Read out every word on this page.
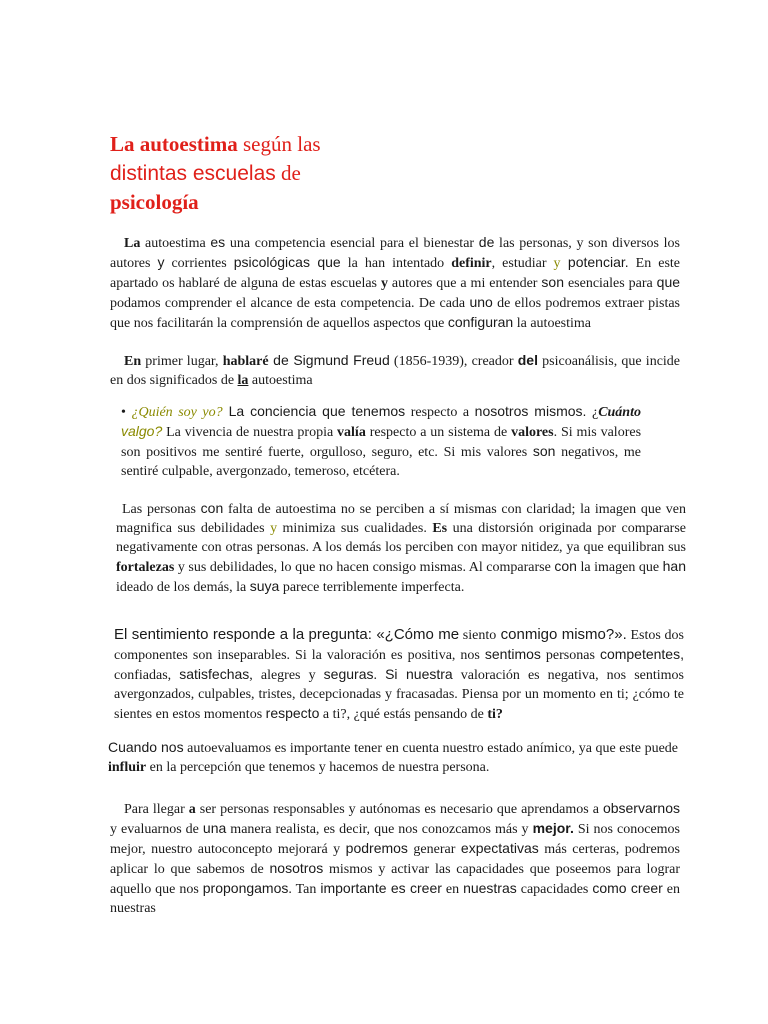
La autoestima según las
distintas escuelas de
psicología

La autoestima es una competencia esencial para el bienestar de las personas, y son diversos los autores y corrientes psicológicas que la han intentado definir, estudiar y potenciar. En este apartado os hablaré de alguna de estas escuelas y autores que a mi entender son esenciales para que podamos comprender el alcance de esta competencia. De cada uno de ellos podremos extraer pistas que nos facilitarán la comprensión de aquellos aspectos que configuran la autoestima

En primer lugar, hablaré de Sigmund Freud (1856-1939), creador del psicoanálisis, que incide en dos significados de la autoestima

• ¿Quién soy yo? La conciencia que tenemos respecto a nosotros mismos. ¿Cuánto valgo? La vivencia de nuestra propia valía respecto a un sistema de valores. Si mis valores son positivos me sentiré fuerte, orgulloso, seguro, etc. Si mis valores son negativos, me sentiré culpable, avergonzado, temeroso, etcétera.

Las personas con falta de autoestima no se perciben a sí mismas con claridad; la imagen que ven magnifica sus debilidades y minimiza sus cualidades. Es una distorsión originada por compararse negativamente con otras personas. A los demás los perciben con mayor nitidez, ya que equilibran sus fortalezas y sus debilidades, lo que no hacen consigo mismas. Al compararse con la imagen que han ideado de los demás, la suya parece terriblemente imperfecta.

El sentimiento responde a la pregunta: «¿Cómo me siento conmigo mismo?». Estos dos componentes son inseparables. Si la valoración es positiva, nos sentimos personas competentes, confiadas, satisfechas, alegres y seguras. Si nuestra valoración es negativa, nos sentimos avergonzados, culpables, tristes, decepcionadas y fracasadas. Piensa por un momento en ti; ¿cómo te sientes en estos momentos respecto a ti?, ¿qué estás pensando de ti?

Cuando nos autoevaluamos es importante tener en cuenta nuestro estado anímico, ya que este puede influir en la percepción que tenemos y hacemos de nuestra persona.

Para llegar a ser personas responsables y autónomas es necesario que aprendamos a observarnos y evaluarnos de una manera realista, es decir, que nos conozcamos más y mejor. Si nos conocemos mejor, nuestro autoconcepto mejorará y podremos generar expectativas más certeras, podremos aplicar lo que sabemos de nosotros mismos y activar las capacidades que poseemos para lograr aquello que nos propongamos. Tan importante es creer en nuestras capacidades como creer en nuestras
